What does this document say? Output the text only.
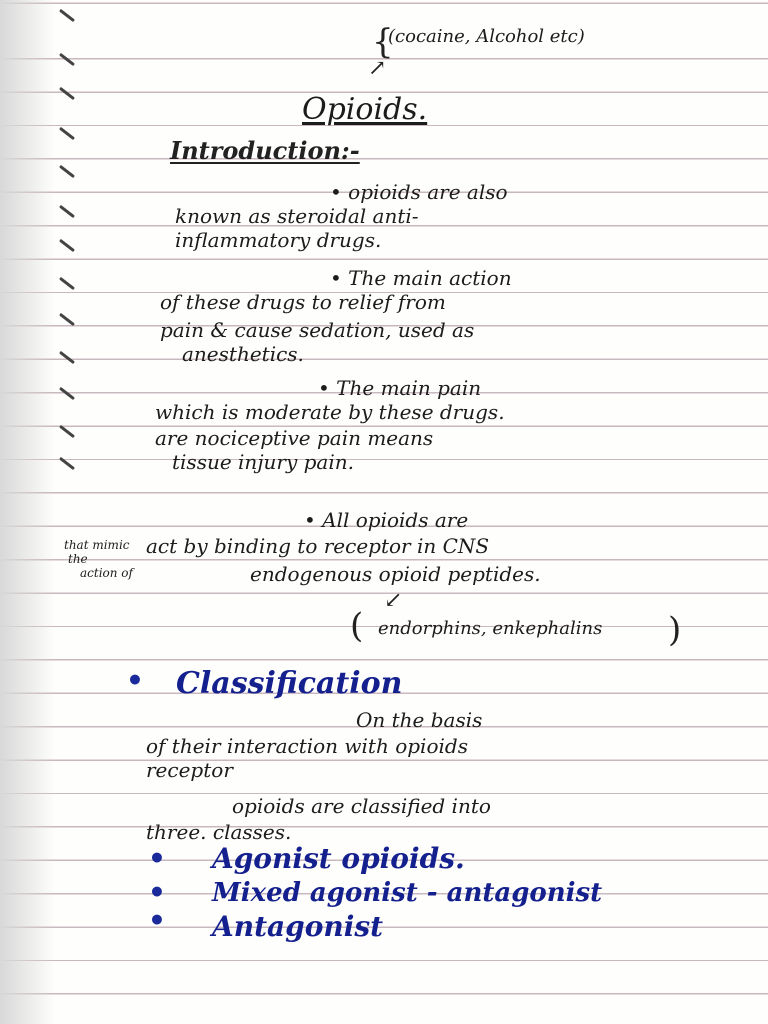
{
(cocaine, Alcohol etc)
↗
Opioids.
Introduction:-
• opioids are also
known as steroidal anti-
inflammatory drugs.
• The main action
of these drugs to relief from
pain & cause sedation, used as
anesthetics.
• The main pain
which is moderate by these drugs.
are nociceptive pain means
tissue injury pain.
• All opioids are
act by binding to receptor in CNS
endogenous opioid peptides.
that mimic
the
action of
↙
( endorphins, enkephalins )
• Classification
On the basis
of their interaction with opioids
receptor
opioids are classified into
three. classes.
• Agonist opioids.
• Mixed agonist - antagonist
• Antagonist
